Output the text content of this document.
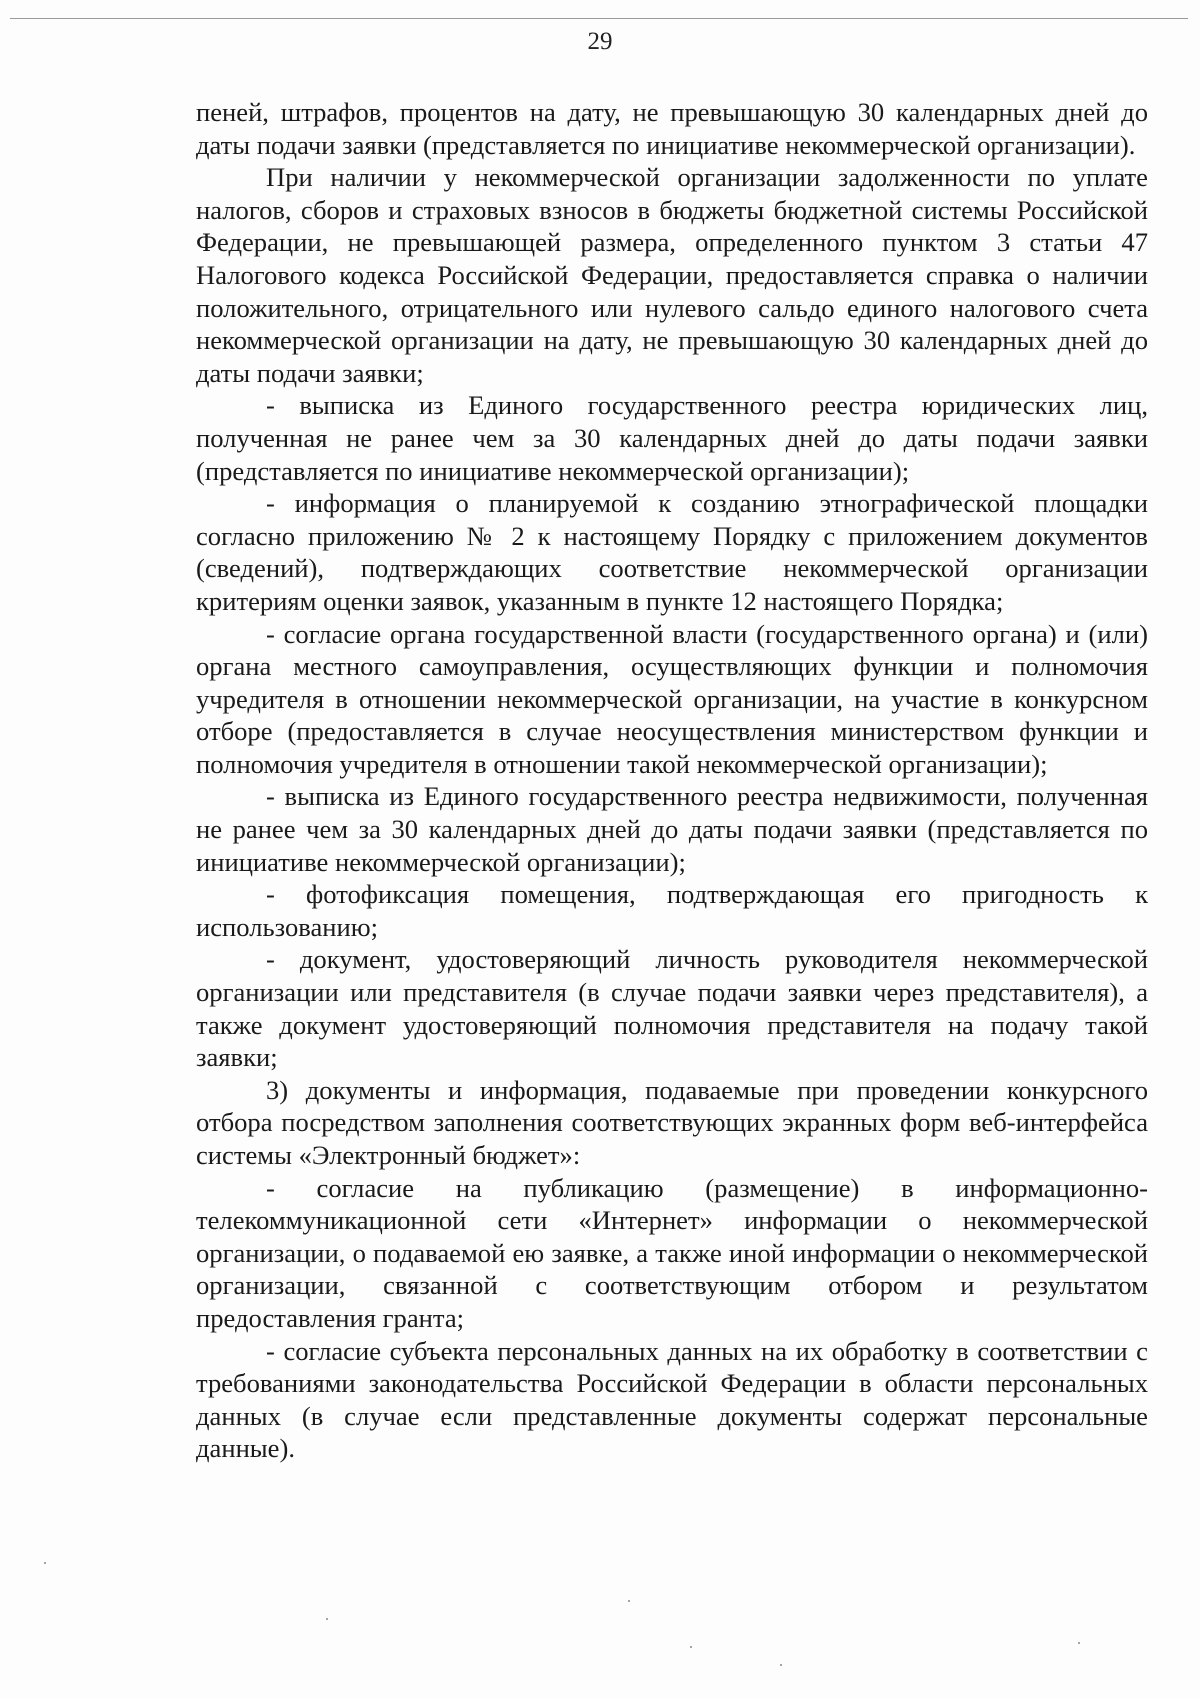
29

пеней, штрафов, процентов на дату, не превышающую 30 календарных дней до даты подачи заявки (представляется по инициативе некоммерческой организации).

При наличии у некоммерческой организации задолженности по уплате налогов, сборов и страховых взносов в бюджеты бюджетной системы Российской Федерации, не превышающей размера, определенного пунктом 3 статьи 47 Налогового кодекса Российской Федерации, предоставляется справка о наличии положительного, отрицательного или нулевого сальдо единого налогового счета некоммерческой организации на дату, не превышающую 30 календарных дней до даты подачи заявки;

- выписка из Единого государственного реестра юридических лиц, полученная не ранее чем за 30 календарных дней до даты подачи заявки (представляется по инициативе некоммерческой организации);

- информация о планируемой к созданию этнографической площадки согласно приложению № 2 к настоящему Порядку с приложением документов (сведений), подтверждающих соответствие некоммерческой организации критериям оценки заявок, указанным в пункте 12 настоящего Порядка;

- согласие органа государственной власти (государственного органа) и (или) органа местного самоуправления, осуществляющих функции и полномочия учредителя в отношении некоммерческой организации, на участие в конкурсном отборе (предоставляется в случае неосуществления министерством функции и полномочия учредителя в отношении такой некоммерческой организации);

- выписка из Единого государственного реестра недвижимости, полученная не ранее чем за 30 календарных дней до даты подачи заявки (представляется по инициативе некоммерческой организации);

- фотофиксация помещения, подтверждающая его пригодность к использованию;

- документ, удостоверяющий личность руководителя некоммерческой организации или представителя (в случае подачи заявки через представителя), а также документ удостоверяющий полномочия представителя на подачу такой заявки;

3) документы и информация, подаваемые при проведении конкурсного отбора посредством заполнения соответствующих экранных форм веб-интерфейса системы «Электронный бюджет»:

- согласие на публикацию (размещение) в информационно-телекоммуникационной сети «Интернет» информации о некоммерческой организации, о подаваемой ею заявке, а также иной информации о некоммерческой организации, связанной с соответствующим отбором и результатом предоставления гранта;

- согласие субъекта персональных данных на их обработку в соответствии с требованиями законодательства Российской Федерации в области персональных данных (в случае если представленные документы содержат персональные данные).
